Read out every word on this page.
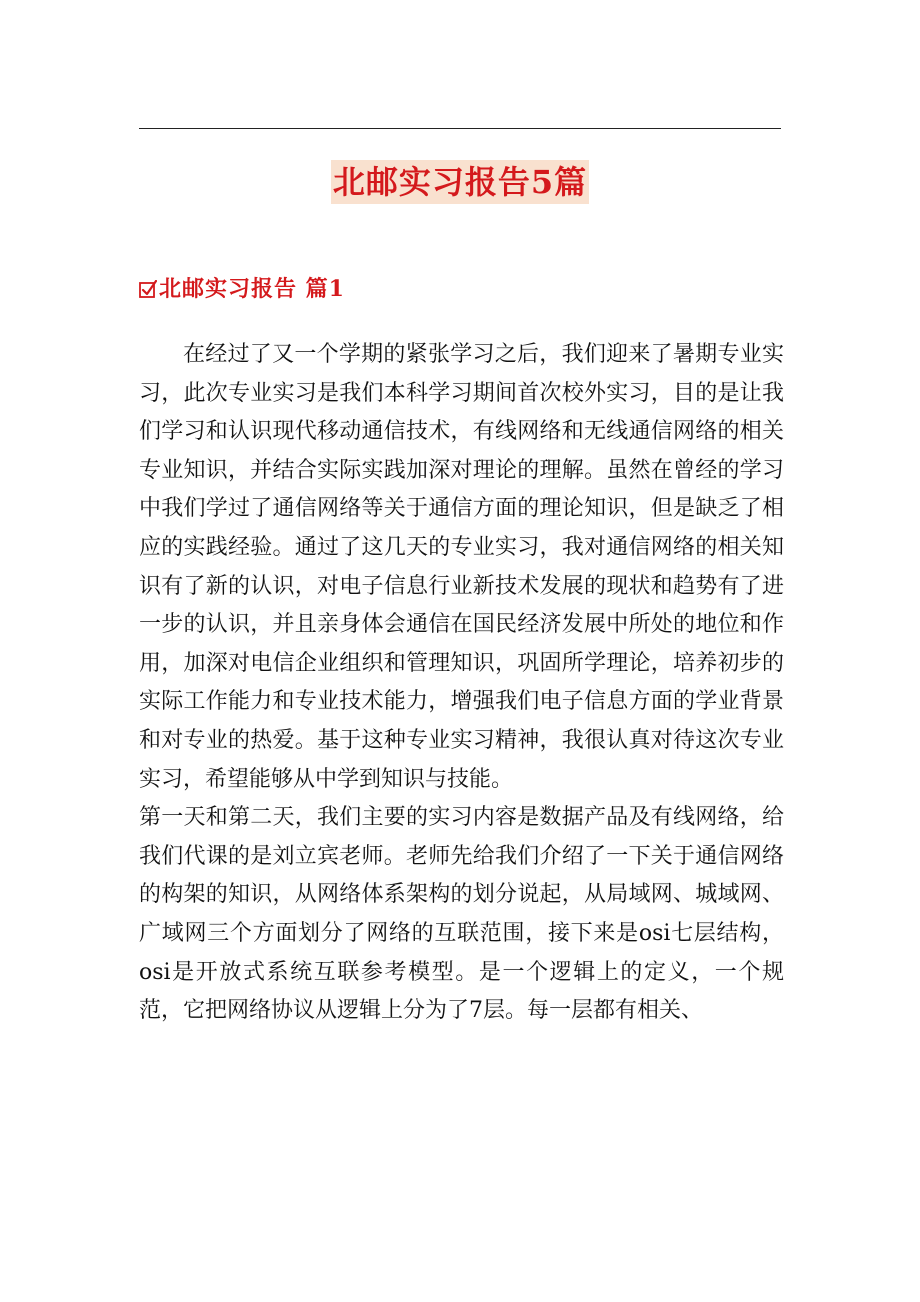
北邮实习报告5篇
北邮实习报告 篇1

在经过了又一个学期的紧张学习之后，我们迎来了暑期专业实习，此次专业实习是我们本科学习期间首次校外实习，目的是让我们学习和认识现代移动通信技术，有线网络和无线通信网络的相关专业知识，并结合实际实践加深对理论的理解。虽然在曾经的学习中我们学过了通信网络等关于通信方面的理论知识，但是缺乏了相应的实践经验。通过了这几天的专业实习，我对通信网络的相关知识有了新的认识，对电子信息行业新技术发展的现状和趋势有了进一步的认识，并且亲身体会通信在国民经济发展中所处的地位和作用，加深对电信企业组织和管理知识，巩固所学理论，培养初步的实际工作能力和专业技术能力，增强我们电子信息方面的学业背景和对专业的热爱。基于这种专业实习精神，我很认真对待这次专业实习，希望能够从中学到知识与技能。

第一天和第二天，我们主要的实习内容是数据产品及有线网络，给我们代课的是刘立宾老师。老师先给我们介绍了一下关于通信网络的构架的知识，从网络体系架构的划分说起，从局域网、城域网、广域网三个方面划分了网络的互联范围，接下来是osi七层结构，osi是开放式系统互联参考模型。是一个逻辑上的定义，一个规范，它把网络协议从逻辑上分为了7层。每一层都有相关、
